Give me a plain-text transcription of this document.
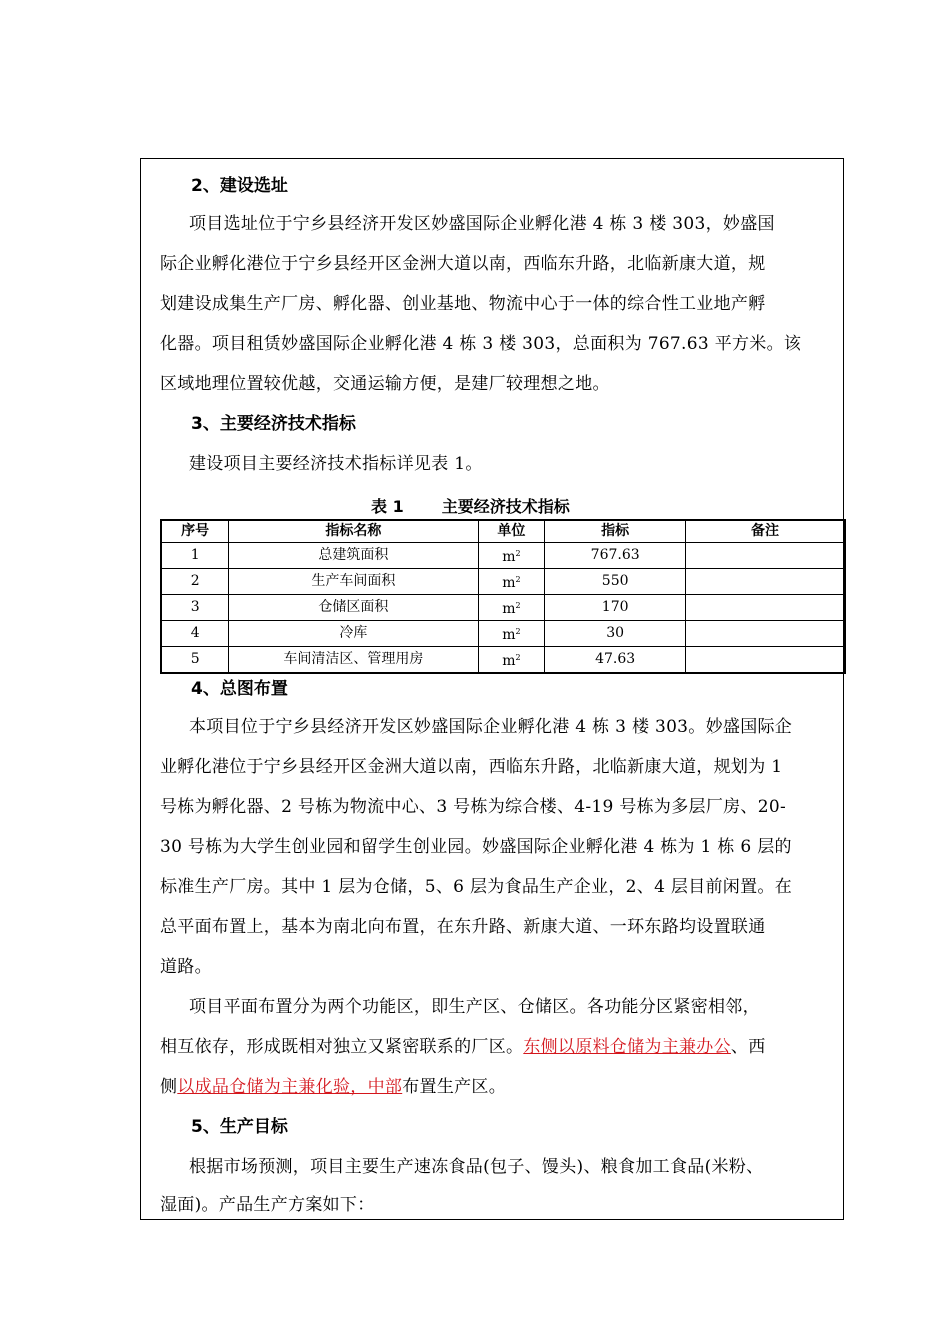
2、建设选址
项目选址位于宁乡县经济开发区妙盛国际企业孵化港 4 栋 3 楼 303，妙盛国
际企业孵化港位于宁乡县经开区金洲大道以南，西临东升路，北临新康大道，规
划建设成集生产厂房、孵化器、创业基地、物流中心于一体的综合性工业地产孵
化器。项目租赁妙盛国际企业孵化港 4 栋 3 楼 303，总面积为 767.63 平方米。该
区域地理位置较优越，交通运输方便，是建厂较理想之地。
3、主要经济技术指标
建设项目主要经济技术指标详见表 1。
表 1 主要经济技术指标
序号	指标名称	单位	指标	备注
1	总建筑面积	$m^2$	767.63	
2	生产车间面积	$m^2$	550	
3	仓储区面积	$m^2$	170	
4	冷库	$m^2$	30	
5	车间清洁区、管理用房	$m^2$	47.63	
4、总图布置
本项目位于宁乡县经济开发区妙盛国际企业孵化港 4 栋 3 楼 303。妙盛国际企
业孵化港位于宁乡县经开区金洲大道以南，西临东升路，北临新康大道，规划为 1
号栋为孵化器、2 号栋为物流中心、3 号栋为综合楼、4-19 号栋为多层厂房、20-
30 号栋为大学生创业园和留学生创业园。妙盛国际企业孵化港 4 栋为 1 栋 6 层的
标准生产厂房。其中 1 层为仓储，5、6 层为食品生产企业，2、4 层目前闲置。在
总平面布置上，基本为南北向布置，在东升路、新康大道、一环东路均设置联通
道路。
项目平面布置分为两个功能区，即生产区、仓储区。各功能分区紧密相邻，
相互依存，形成既相对独立又紧密联系的厂区。东侧以原料仓储为主兼办公、西
侧以成品仓储为主兼化验，中部布置生产区。
5、生产目标
根据市场预测，项目主要生产速冻食品(包子、馒头)、粮食加工食品(米粉、
湿面)。产品生产方案如下：
